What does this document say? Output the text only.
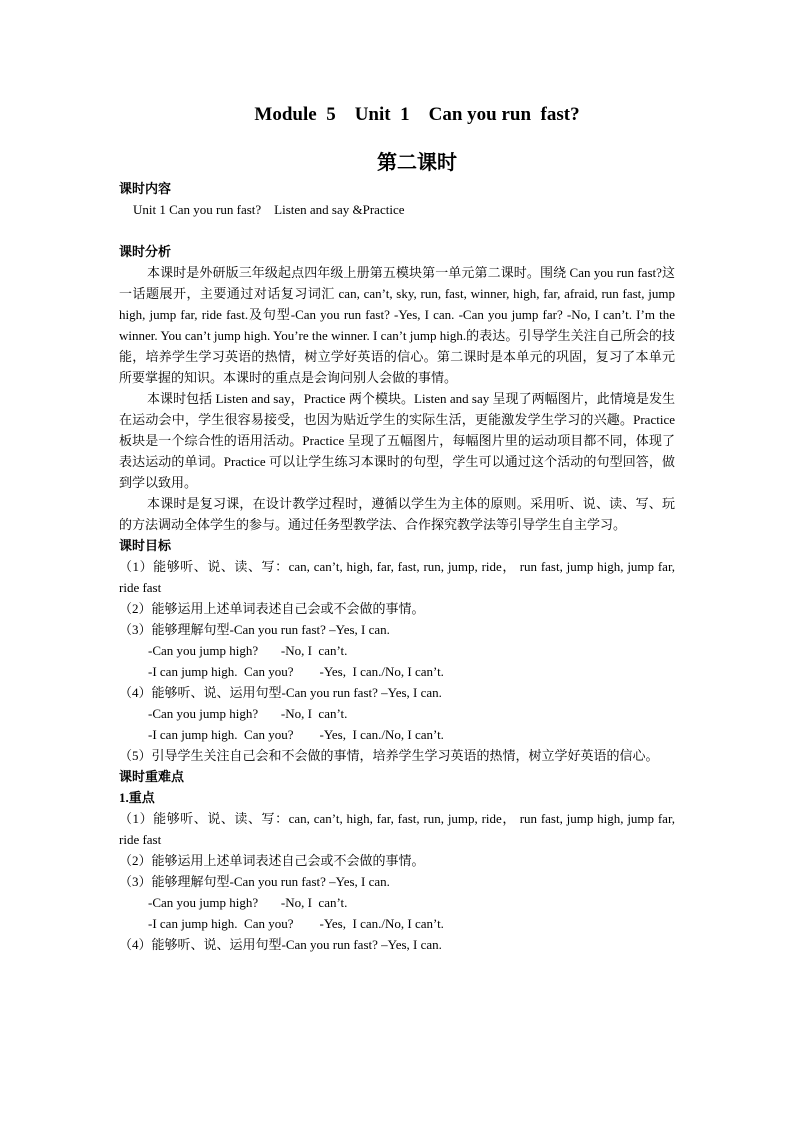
Module  5    Unit  1    Can you run  fast?
第二课时

课时内容

Unit 1 Can you run fast?    Listen and say &Practice

课时分析

本课时是外研版三年级起点四年级上册第五模块第一单元第二课时。围绕 Can you run fast?这一话题展开，主要通过对话复习词汇 can, can’t, sky, run, fast, winner, high, far, afraid, run fast, jump high, jump far, ride fast.及句型-Can you run fast? -Yes, I can. -Can you jump far? -No, I can’t. I’m the winner. You can’t jump high. You’re the winner. I can’t jump high.的表达。引导学生关注自己所会的技能，培养学生学习英语的热情，树立学好英语的信心。第二课时是本单元的巩固，复习了本单元所要掌握的知识。本课时的重点是会询问别人会做的事情。

本课时包括 Listen and say，Practice 两个模块。Listen and say 呈现了两幅图片，此情境是发生在运动会中，学生很容易接受，也因为贴近学生的实际生活，更能激发学生学习的兴趣。Practice 板块是一个综合性的语用活动。Practice 呈现了五幅图片，每幅图片里的运动项目都不同，体现了表达运动的单词。Practice 可以让学生练习本课时的句型，学生可以通过这个活动的句型回答，做到学以致用。

本课时是复习课，在设计教学过程时，遵循以学生为主体的原则。采用听、说、读、写、玩的方法调动全体学生的参与。通过任务型教学法、合作探究教学法等引导学生自主学习。

课时目标

（1）能够听、说、读、写：can, can’t, high, far, fast, run, jump, ride， run fast, jump high, jump far, ride fast

（2）能够运用上述单词表述自己会或不会做的事情。

（3）能够理解句型-Can you run fast? –Yes, I can.

-Can you jump high?       -No, I  can’t.

-I can jump high.  Can you?        -Yes,  I can./No, I can’t.

（4）能够听、说、运用句型-Can you run fast? –Yes, I can.

-Can you jump high?       -No, I  can’t.

-I can jump high.  Can you?        -Yes,  I can./No, I can’t.

（5）引导学生关注自己会和不会做的事情，培养学生学习英语的热情，树立学好英语的信心。

课时重难点

1.重点

（1）能够听、说、读、写：can, can’t, high, far, fast, run, jump, ride， run fast, jump high, jump far, ride fast

（2）能够运用上述单词表述自己会或不会做的事情。

（3）能够理解句型-Can you run fast? –Yes, I can.

-Can you jump high?       -No, I  can’t.

-I can jump high.  Can you?        -Yes,  I can./No, I can’t.

（4）能够听、说、运用句型-Can you run fast? –Yes, I can.
